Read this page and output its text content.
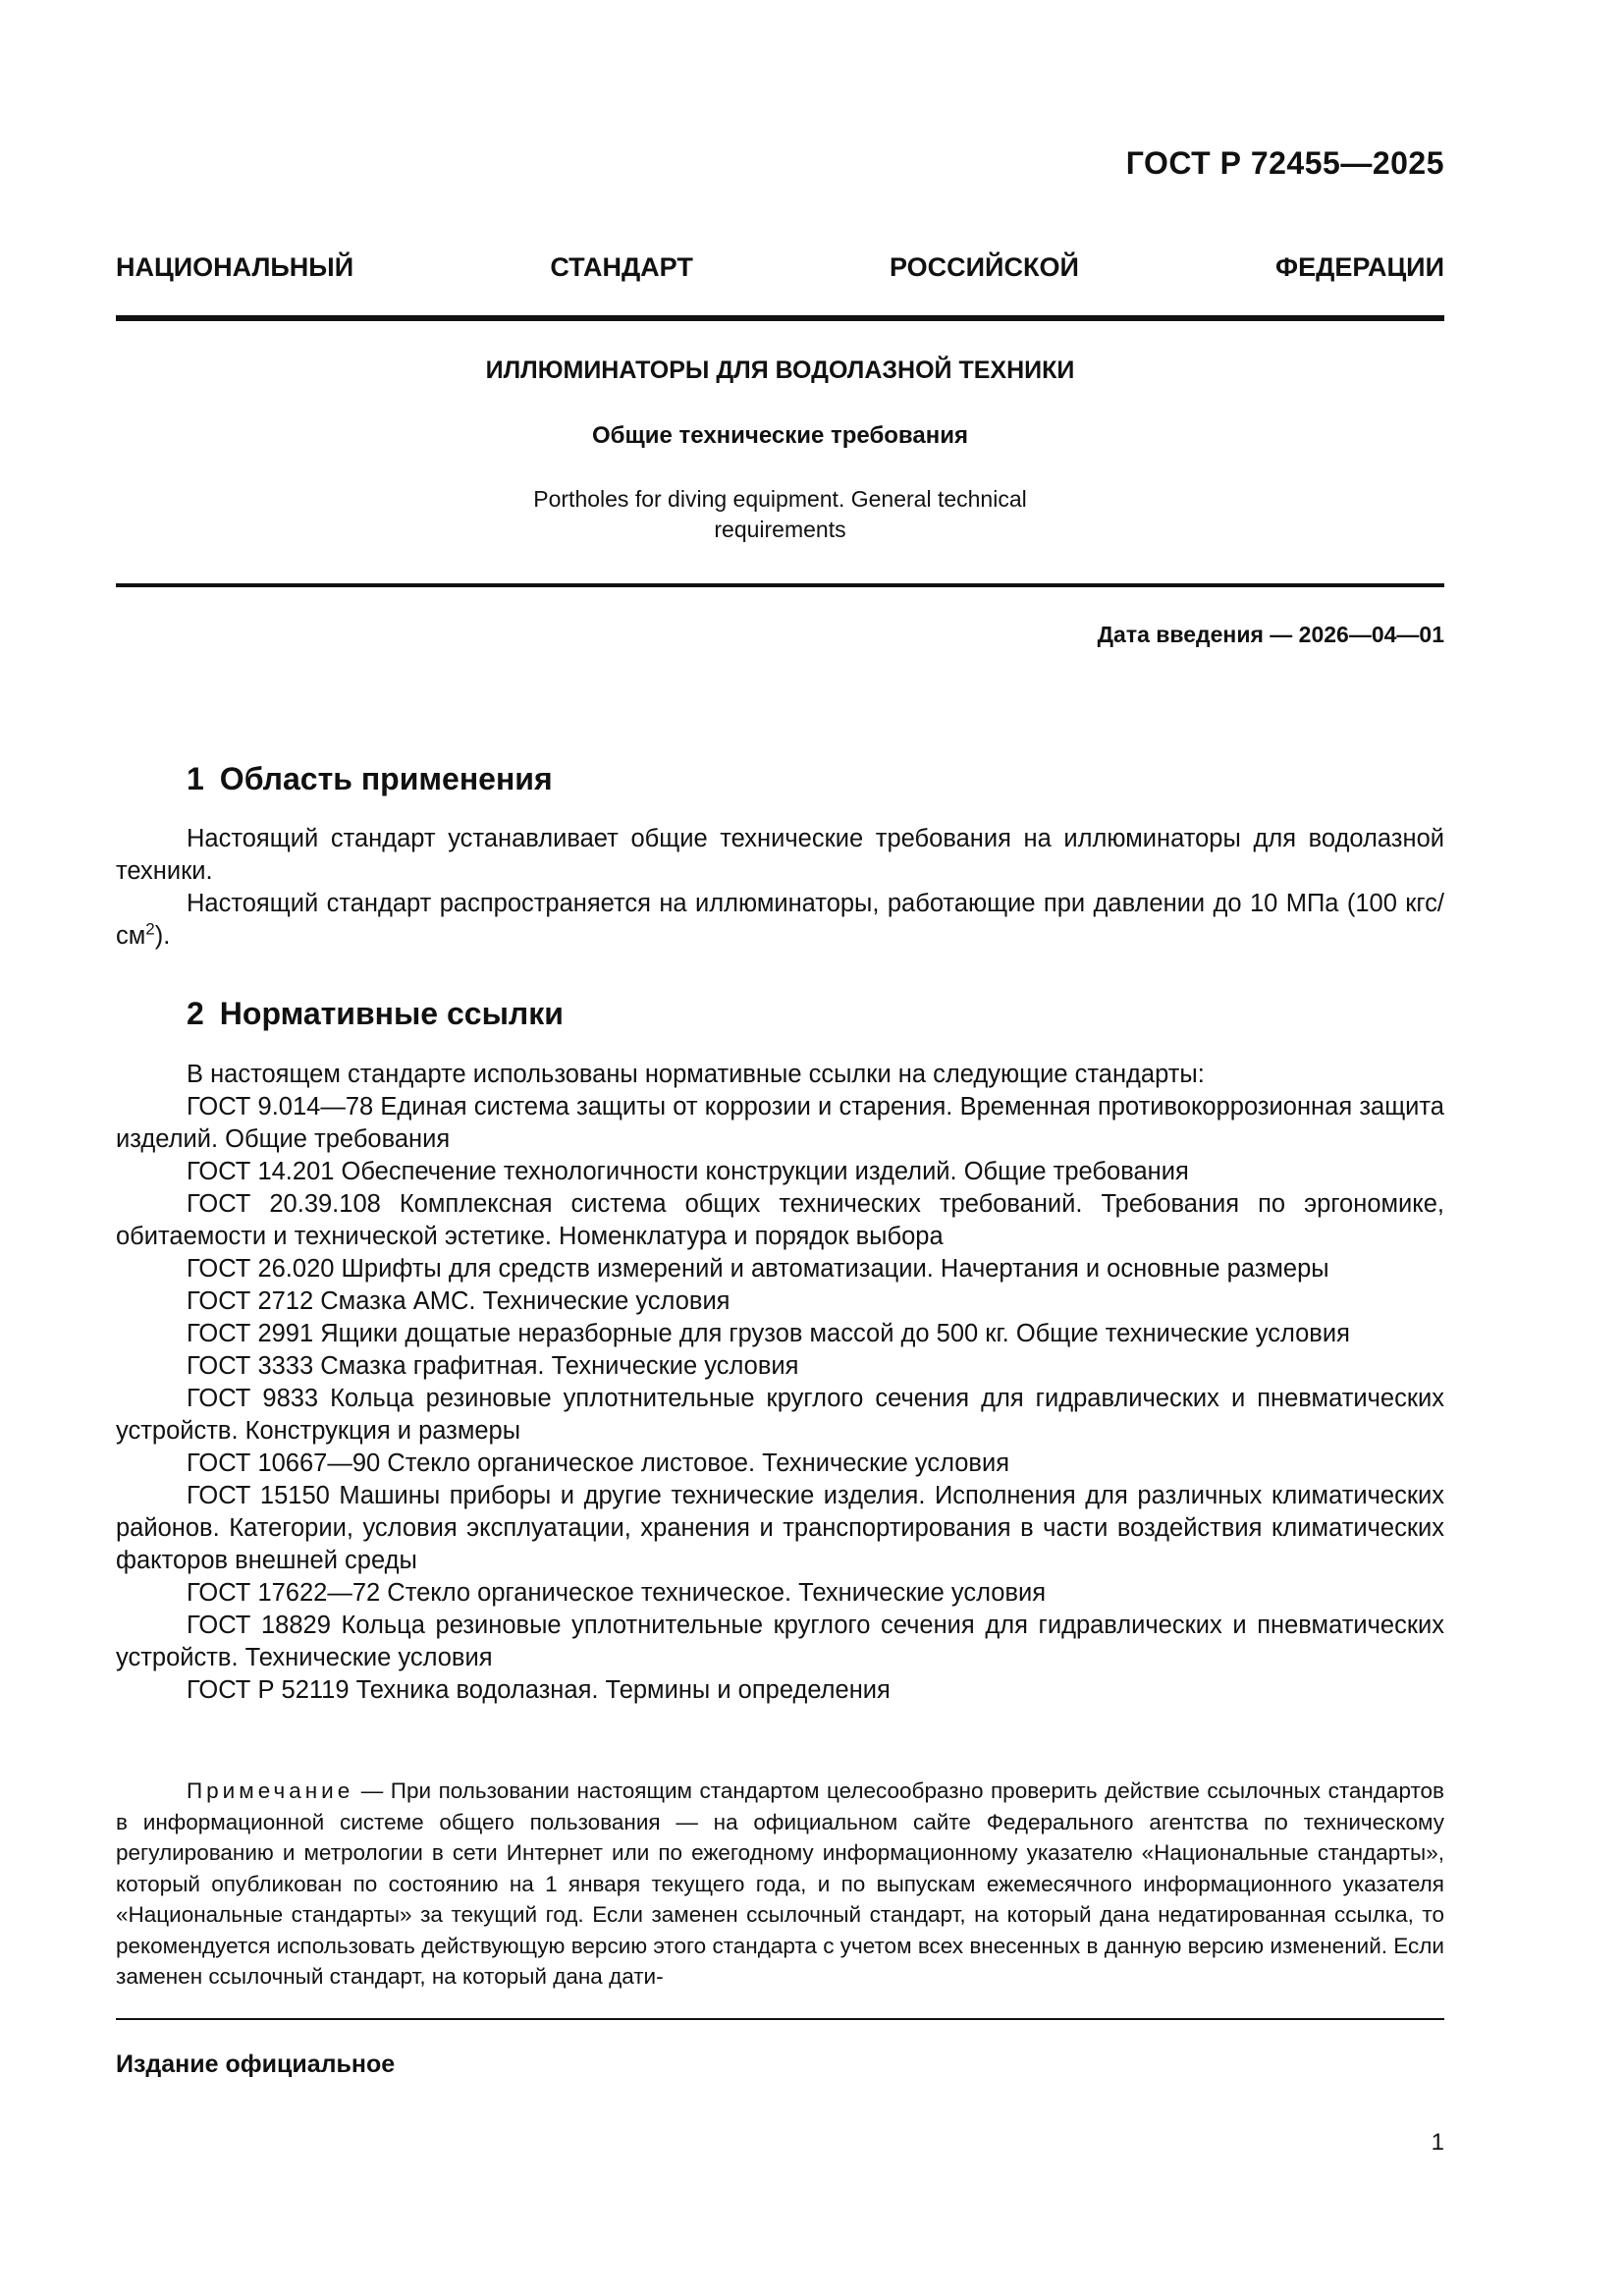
ГОСТ Р 72455—2025
НАЦИОНАЛЬНЫЙ	СТАНДАРТ	РОССИЙСКОЙ	ФЕДЕРАЦИИ
ИЛЛЮМИНАТОРЫ ДЛЯ ВОДОЛАЗНОЙ ТЕХНИКИ
Общие технические требования
Portholes for diving equipment. General technical
requirements
Дата введения — 2026—04—01
1 Область применения

Настоящий стандарт устанавливает общие технические требования на иллюминаторы для водолазной техники.

Настоящий стандарт распространяется на иллюминаторы, работающие при давлении до 10 МПа (100 кгс/$см^2$).

2 Нормативные ссылки

В настоящем стандарте использованы нормативные ссылки на следующие стандарты:

ГОСТ 9.014—78 Единая система защиты от коррозии и старения. Временная противокоррозионная защита изделий. Общие требования

ГОСТ 14.201 Обеспечение технологичности конструкции изделий. Общие требования

ГОСТ 20.39.108 Комплексная система общих технических требований. Требования по эргономике, обитаемости и технической эстетике. Номенклатура и порядок выбора

ГОСТ 26.020 Шрифты для средств измерений и автоматизации. Начертания и основные размеры

ГОСТ 2712 Смазка АМС. Технические условия

ГОСТ 2991 Ящики дощатые неразборные для грузов массой до 500 кг. Общие технические условия

ГОСТ 3333 Смазка графитная. Технические условия

ГОСТ 9833 Кольца резиновые уплотнительные круглого сечения для гидравлических и пневматических устройств. Конструкция и размеры

ГОСТ 10667—90 Стекло органическое листовое. Технические условия

ГОСТ 15150 Машины приборы и другие технические изделия. Исполнения для различных климатических районов. Категории, условия эксплуатации, хранения и транспортирования в части воздействия климатических факторов внешней среды

ГОСТ 17622—72 Стекло органическое техническое. Технические условия

ГОСТ 18829 Кольца резиновые уплотнительные круглого сечения для гидравлических и пневматических устройств. Технические условия

ГОСТ Р 52119 Техника водолазная. Термины и определения

Примечание — При пользовании настоящим стандартом целесообразно проверить действие ссылочных стандартов в информационной системе общего пользования — на официальном сайте Федерального агентства по техническому регулированию и метрологии в сети Интернет или по ежегодному информационному указателю «Национальные стандарты», который опубликован по состоянию на 1 января текущего года, и по выпускам ежемесячного информационного указателя «Национальные стандарты» за текущий год. Если заменен ссылочный стандарт, на который дана недатированная ссылка, то рекомендуется использовать действующую версию этого стандарта с учетом всех внесенных в данную версию изменений. Если заменен ссылочный стандарт, на который дана дати-
Издание официальное
1
